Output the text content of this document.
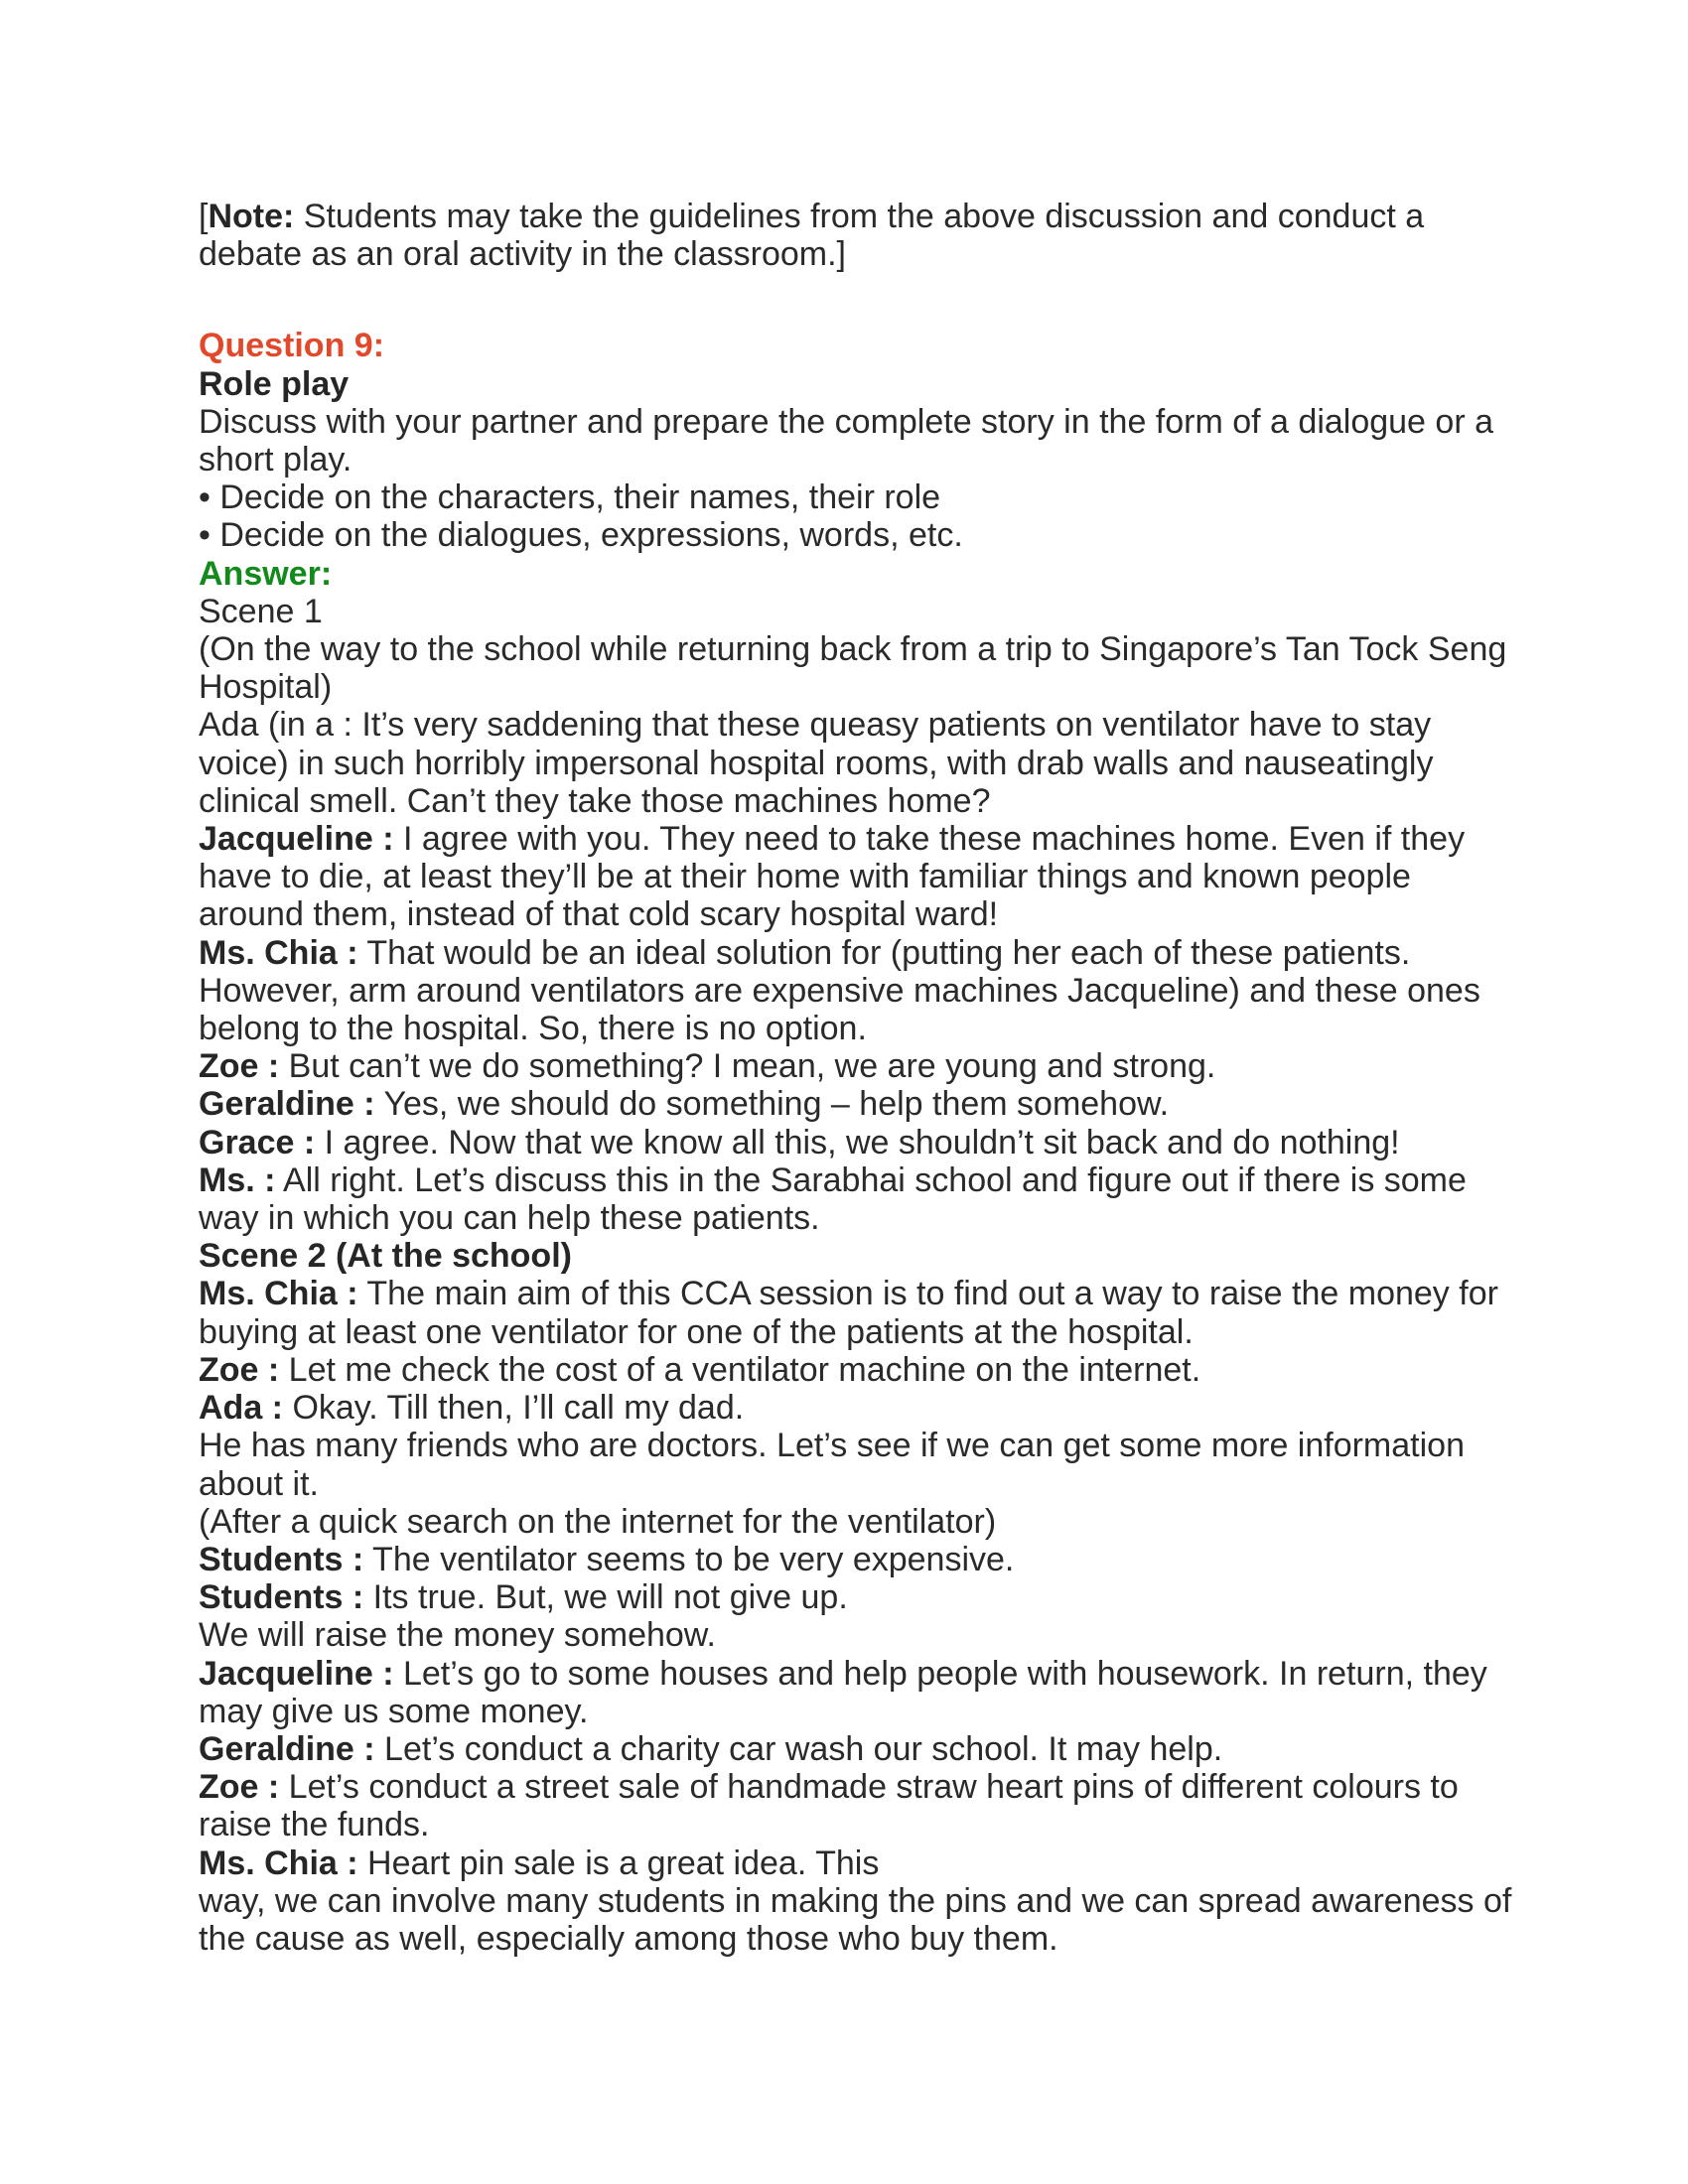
[Note: Students may take the guidelines from the above discussion and conduct a debate as an oral activity in the classroom.]

Question 9:

Role play

Discuss with your partner and prepare the complete story in the form of a dialogue or a short play.

• Decide on the characters, their names, their role

• Decide on the dialogues, expressions, words, etc.

Answer:

Scene 1

(On the way to the school while returning back from a trip to Singapore’s Tan Tock Seng Hospital)

Ada (in a : It’s very saddening that these queasy patients on ventilator have to stay voice) in such horribly impersonal hospital rooms, with drab walls and nauseatingly clinical smell. Can’t they take those machines home?

Jacqueline : I agree with you. They need to take these machines home. Even if they have to die, at least they’ll be at their home with familiar things and known people around them, instead of that cold scary hospital ward!

Ms. Chia : That would be an ideal solution for (putting her each of these patients. However, arm around ventilators are expensive machines Jacqueline) and these ones belong to the hospital. So, there is no option.

Zoe : But can’t we do something? I mean, we are young and strong.

Geraldine : Yes, we should do something – help them somehow.

Grace : I agree. Now that we know all this, we shouldn’t sit back and do nothing!

Ms. : All right. Let’s discuss this in the Sarabhai school and figure out if there is some way in which you can help these patients.

Scene 2 (At the school)

Ms. Chia : The main aim of this CCA session is to find out a way to raise the money for buying at least one ventilator for one of the patients at the hospital.

Zoe : Let me check the cost of a ventilator machine on the internet.

Ada : Okay. Till then, I’ll call my dad.

He has many friends who are doctors. Let’s see if we can get some more information about it.

(After a quick search on the internet for the ventilator)

Students : The ventilator seems to be very expensive.

Students : Its true. But, we will not give up.

We will raise the money somehow.

Jacqueline : Let’s go to some houses and help people with housework. In return, they may give us some money.

Geraldine : Let’s conduct a charity car wash our school. It may help.

Zoe : Let’s conduct a street sale of handmade straw heart pins of different colours to raise the funds.

Ms. Chia : Heart pin sale is a great idea. This

way, we can involve many students in making the pins and we can spread awareness of the cause as well, especially among those who buy them.
